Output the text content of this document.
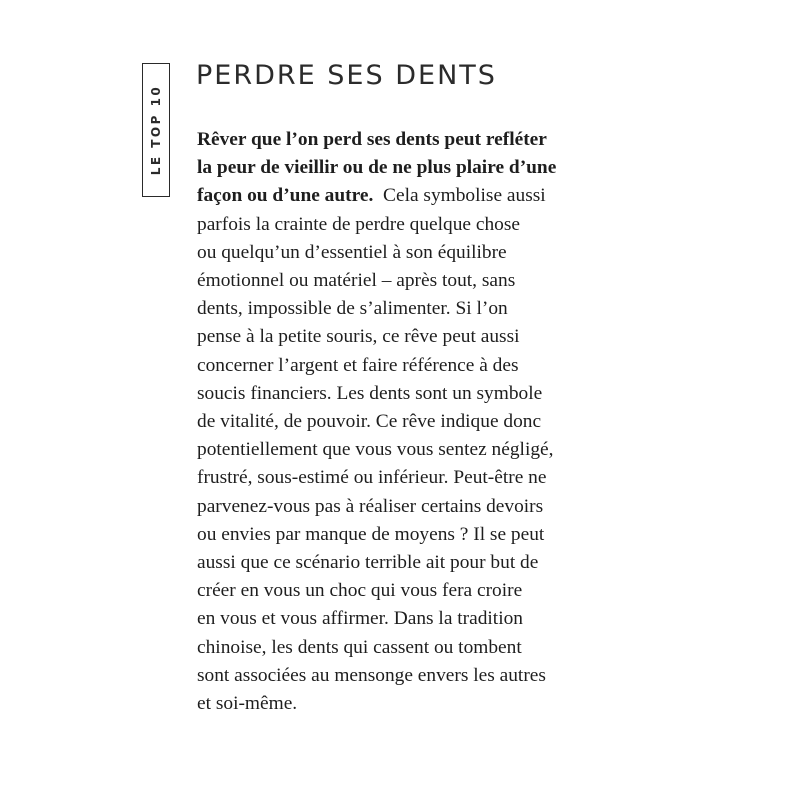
LE TOP 10
PERDRE SES DENTS

Rêver que l’on perd ses dents peut refléter
la peur de vieillir ou de ne plus plaire d’une
façon ou d’une autre.  Cela symbolise aussi
parfois la crainte de perdre quelque chose
ou quelqu’un d’essentiel à son équilibre
émotionnel ou matériel – après tout, sans
dents, impossible de s’alimenter. Si l’on
pense à la petite souris, ce rêve peut aussi
concerner l’argent et faire référence à des
soucis financiers. Les dents sont un symbole
de vitalité, de pouvoir. Ce rêve indique donc
potentiellement que vous vous sentez négligé,
frustré, sous-estimé ou inférieur. Peut-être ne
parvenez-vous pas à réaliser certains devoirs
ou envies par manque de moyens ? Il se peut
aussi que ce scénario terrible ait pour but de
créer en vous un choc qui vous fera croire
en vous et vous affirmer. Dans la tradition
chinoise, les dents qui cassent ou tombent
sont associées au mensonge envers les autres
et soi-même.
